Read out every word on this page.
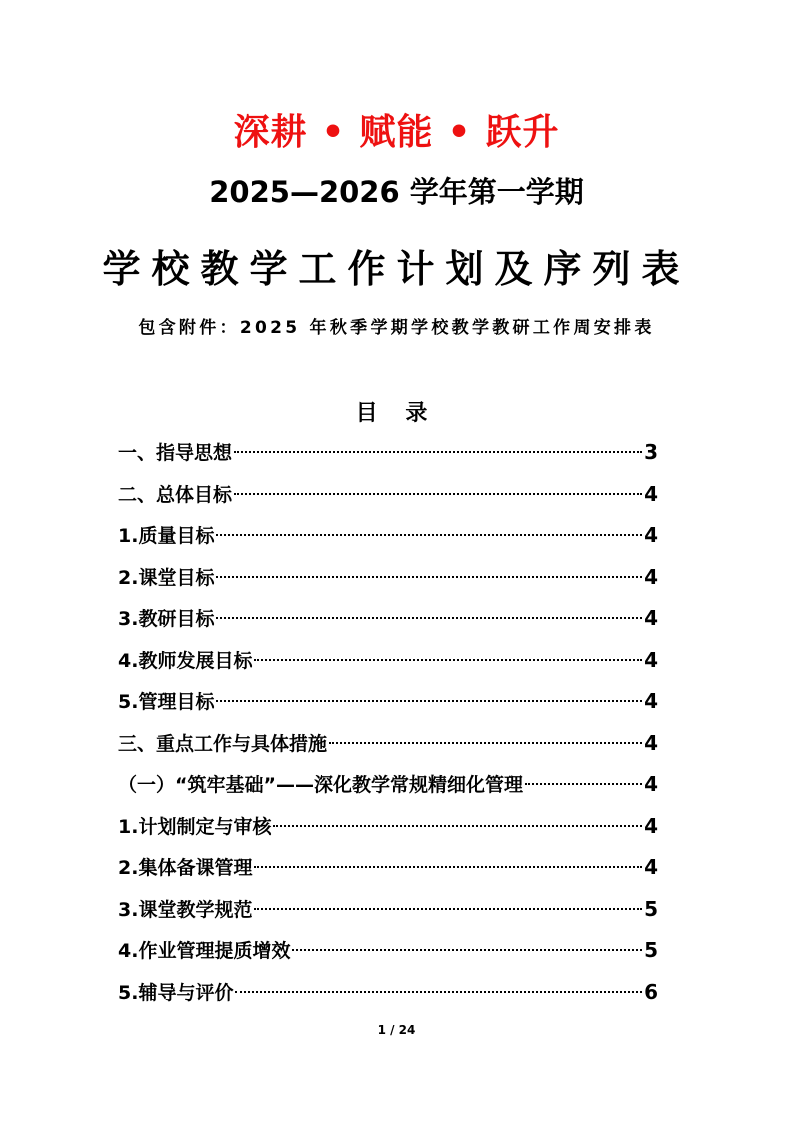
深耕 • 赋能 • 跃升
2025—2026 学年第一学期
学校教学工作计划及序列表
包含附件：2025 年秋季学期学校教学教研工作周安排表
目 录
一、指导思想	3
二、总体目标	4
1.质量目标	4
2.课堂目标	4
3.教研目标	4
4.教师发展目标	4
5.管理目标	4
三、重点工作与具体措施	4
（一）“筑牢基础”——深化教学常规精细化管理	4
1.计划制定与审核	4
2.集体备课管理	4
3.课堂教学规范	5
4.作业管理提质增效	5
5.辅导与评价	6
1 / 24
